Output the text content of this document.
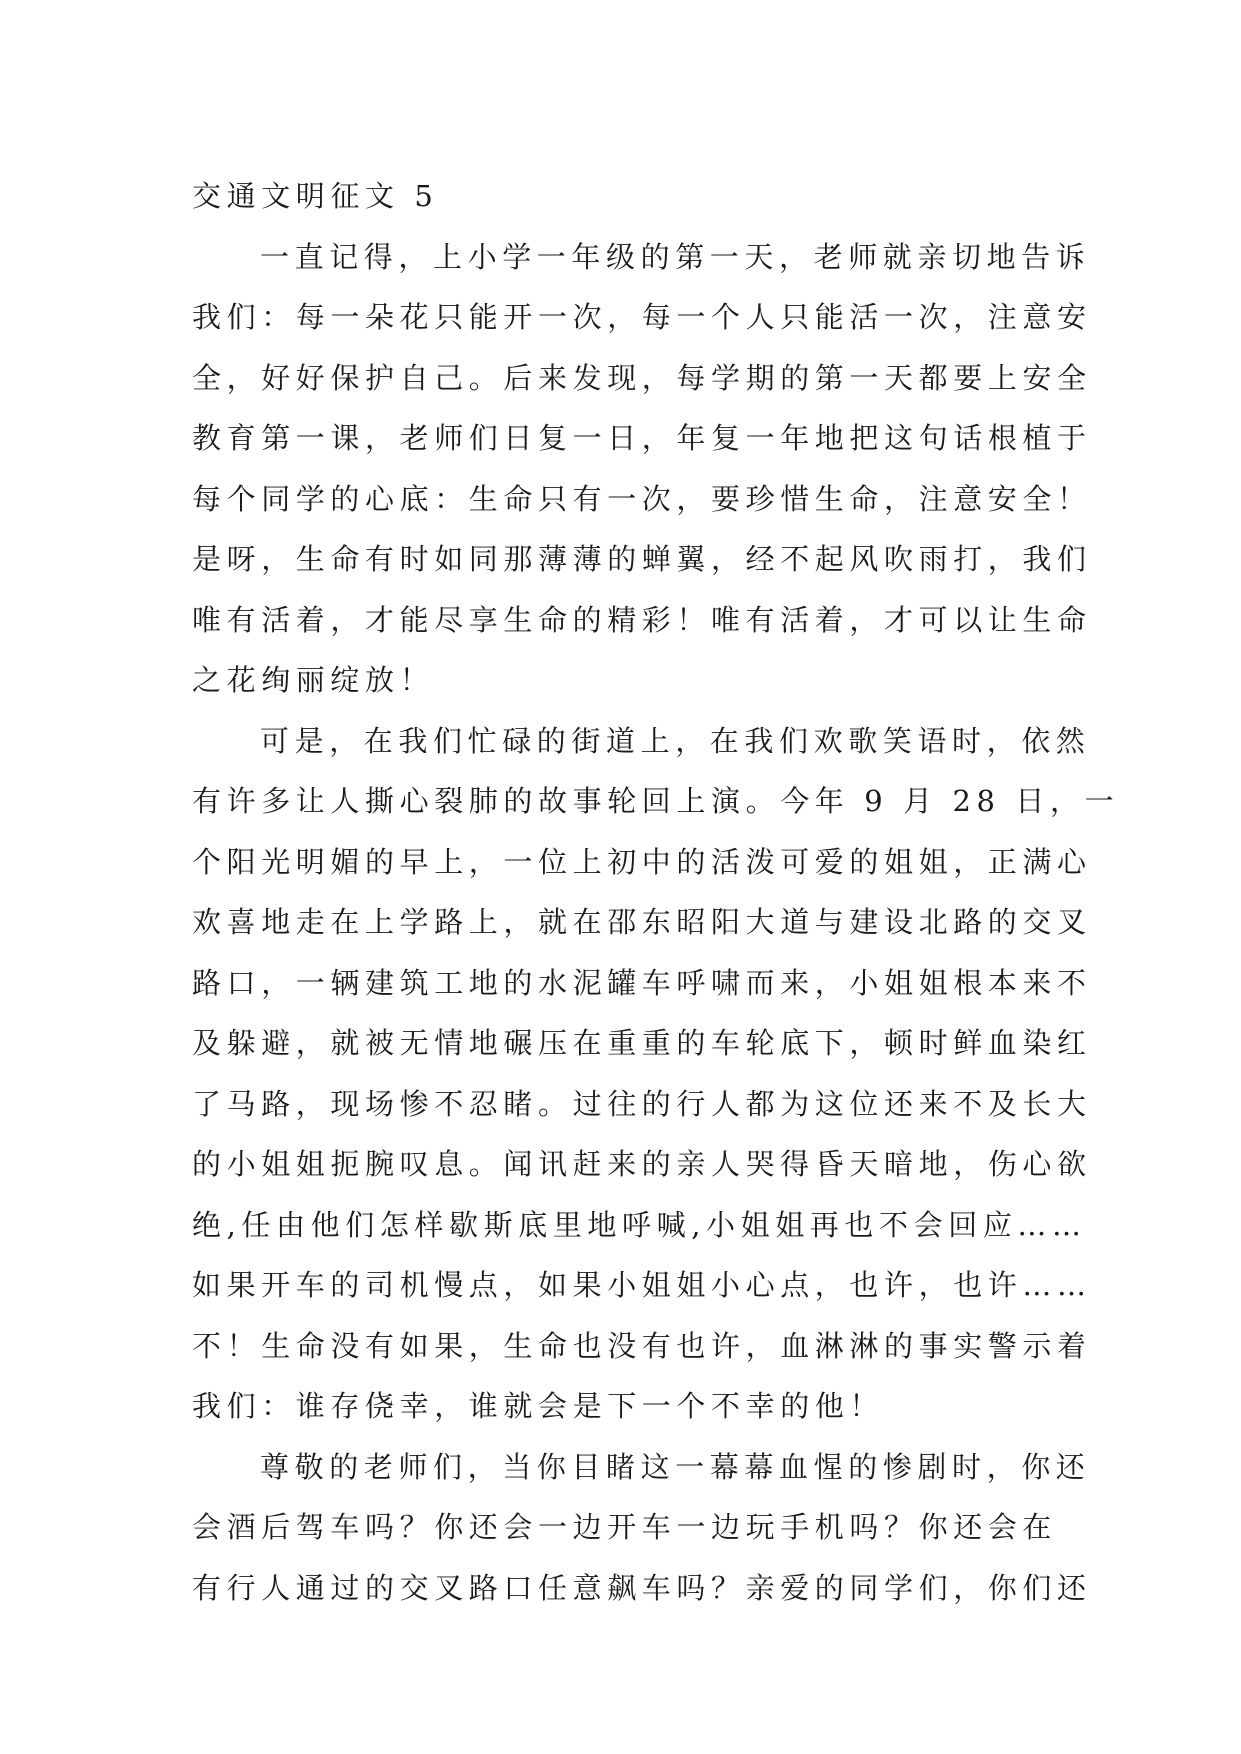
交通文明征文 5
一直记得，上小学一年级的第一天，老师就亲切地告诉
我们：每一朵花只能开一次，每一个人只能活一次，注意安
全，好好保护自己。后来发现，每学期的第一天都要上安全
教育第一课，老师们日复一日，年复一年地把这句话根植于
每个同学的心底：生命只有一次，要珍惜生命，注意安全！
是呀，生命有时如同那薄薄的蝉翼，经不起风吹雨打，我们
唯有活着，才能尽享生命的精彩！唯有活着，才可以让生命
之花绚丽绽放！
可是，在我们忙碌的街道上，在我们欢歌笑语时，依然
有许多让人撕心裂肺的故事轮回上演。今年 9 月 28 日，一
个阳光明媚的早上，一位上初中的活泼可爱的姐姐，正满心
欢喜地走在上学路上，就在邵东昭阳大道与建设北路的交叉
路口，一辆建筑工地的水泥罐车呼啸而来，小姐姐根本来不
及躲避，就被无情地碾压在重重的车轮底下，顿时鲜血染红
了马路，现场惨不忍睹。过往的行人都为这位还来不及长大
的小姐姐扼腕叹息。闻讯赶来的亲人哭得昏天暗地，伤心欲
绝,任由他们怎样歇斯底里地呼喊,小姐姐再也不会回应……
如果开车的司机慢点，如果小姐姐小心点，也许，也许……
不！生命没有如果，生命也没有也许，血淋淋的事实警示着
我们：谁存侥幸，谁就会是下一个不幸的他！
尊敬的老师们，当你目睹这一幕幕血惺的惨剧时，你还
会酒后驾车吗？你还会一边开车一边玩手机吗？你还会在
有行人通过的交叉路口任意飙车吗？亲爱的同学们，你们还
